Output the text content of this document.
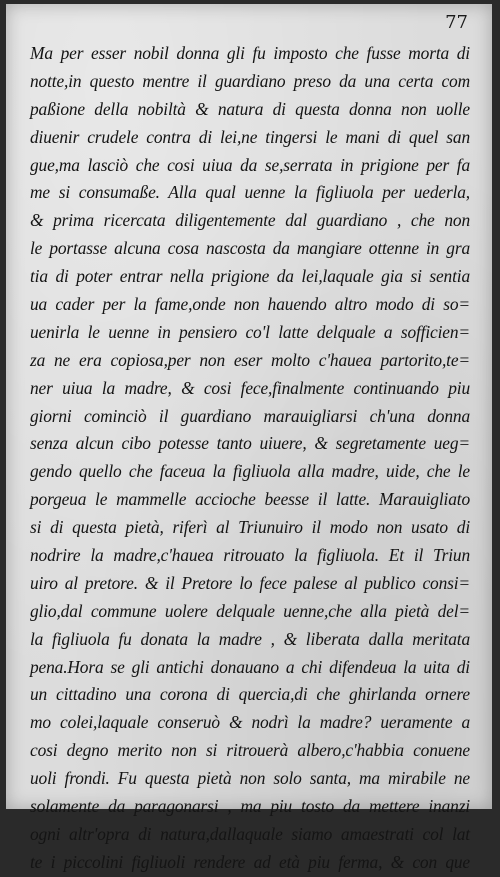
77
Ma per esser nobil donna gli fu imposto che fusse morta di
notte,in questo mentre il guardiano preso da una certa com
paßione della nobiltà & natura di questa donna non uolle
diuenir crudele contra di lei,ne tingersi le mani di quel san
gue,ma lasciò che cosi uiua da se,serrata in prigione per fa
me si consumaße. Alla qual uenne la figliuola per uederla,
& prima ricercata diligentemente dal guardiano , che non
le portasse alcuna cosa nascosta da mangiare ottenne in gra
tia di poter entrar nella prigione da lei,laquale gia si sentia
ua cader per la fame,onde non hauendo altro modo di so=
uenirla le uenne in pensiero co'l latte delquale a sofficien=
za ne era copiosa,per non eser molto c'hauea partorito,te=
ner uiua la madre, & cosi fece,finalmente continuando piu
giorni cominciò il guardiano marauigliarsi ch'una donna
senza alcun cibo potesse tanto uiuere, & segretamente ueg=
gendo quello che faceua la figliuola alla madre, uide, che le
porgeua le mammelle accioche beesse il latte. Marauigliato
si di questa pietà, riferì al Triunuiro il modo non usato di
nodrire la madre,c'hauea ritrouato la figliuola. Et il Triun
uiro al pretore. & il Pretore lo fece palese al publico consi=
glio,dal commune uolere delquale uenne,che alla pietà del=
la figliuola fu donata la madre , & liberata dalla meritata
pena.Hora se gli antichi donauano a chi difendeua la uita di
un cittadino una corona di quercia,di che ghirlanda ornere
mo colei,laquale conseruò & nodrì la madre? ueramente a
cosi degno merito non si ritrouerà albero,c'habbia conuene
uoli frondi. Fu questa pietà non solo santa, ma mirabile ne
solamente da paragonarsi , ma piu tosto da mettere inanzi
ogni altr'opra di natura,dallaquale siamo amaestrati col lat
te i piccolini figliuoli rendere ad età piu ferma, & con que
